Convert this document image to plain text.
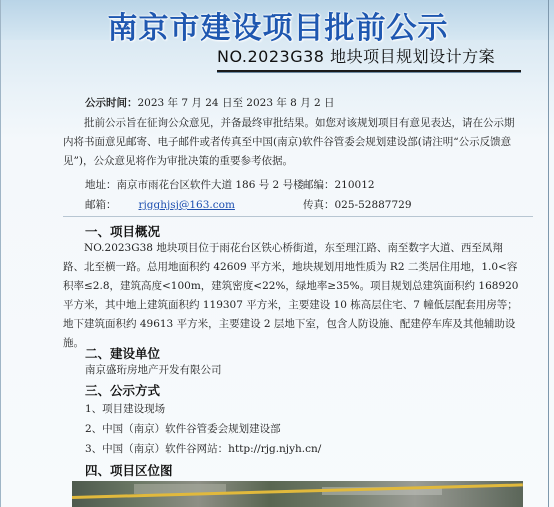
南京市建设项目批前公示
NO.2023G38 地块项目规划设计方案
公示时间：2023 年 7 月 24 日至 2023 年 8 月 2 日
批前公示旨在征询公众意见，并备最终审批结果。如您对该规划项目有意见表达，请在公示期内将书面意见邮寄、电子邮件或者传真至中国(南京)软件谷管委会规划建设部(请注明“公示反馈意见”)，公众意见将作为审批决策的重要参考依据。
地址：南京市雨花台区软件大道 186 号 2 号楼 邮编：210012
邮箱： rjgghjsj@163.com	传真：025-52887729
一、项目概况
NO.2023G38 地块项目位于雨花台区铁心桥街道，东至理江路、南至数字大道、西至凤翔路、北至横一路。总用地面积约 42609 平方米，地块规划用地性质为 R2 二类居住用地，1.0<容积率≤2.8，建筑高度<100m，建筑密度<22%，绿地率≥35%。项目规划总建筑面积约 168920 平方米，其中地上建筑面积约 119307 平方米，主要建设 10 栋高层住宅、7 幢低层配套用房等；地下建筑面积约 49613 平方米，主要建设 2 层地下室，包含人防设施、配建停车库及其他辅助设施。
二、建设单位
南京盛珩房地产开发有限公司
三、公示方式
1、项目建设现场
2、中国（南京）软件谷管委会规划建设部
3、中国（南京）软件谷网站：http://rjg.njyh.cn/
四、项目区位图
